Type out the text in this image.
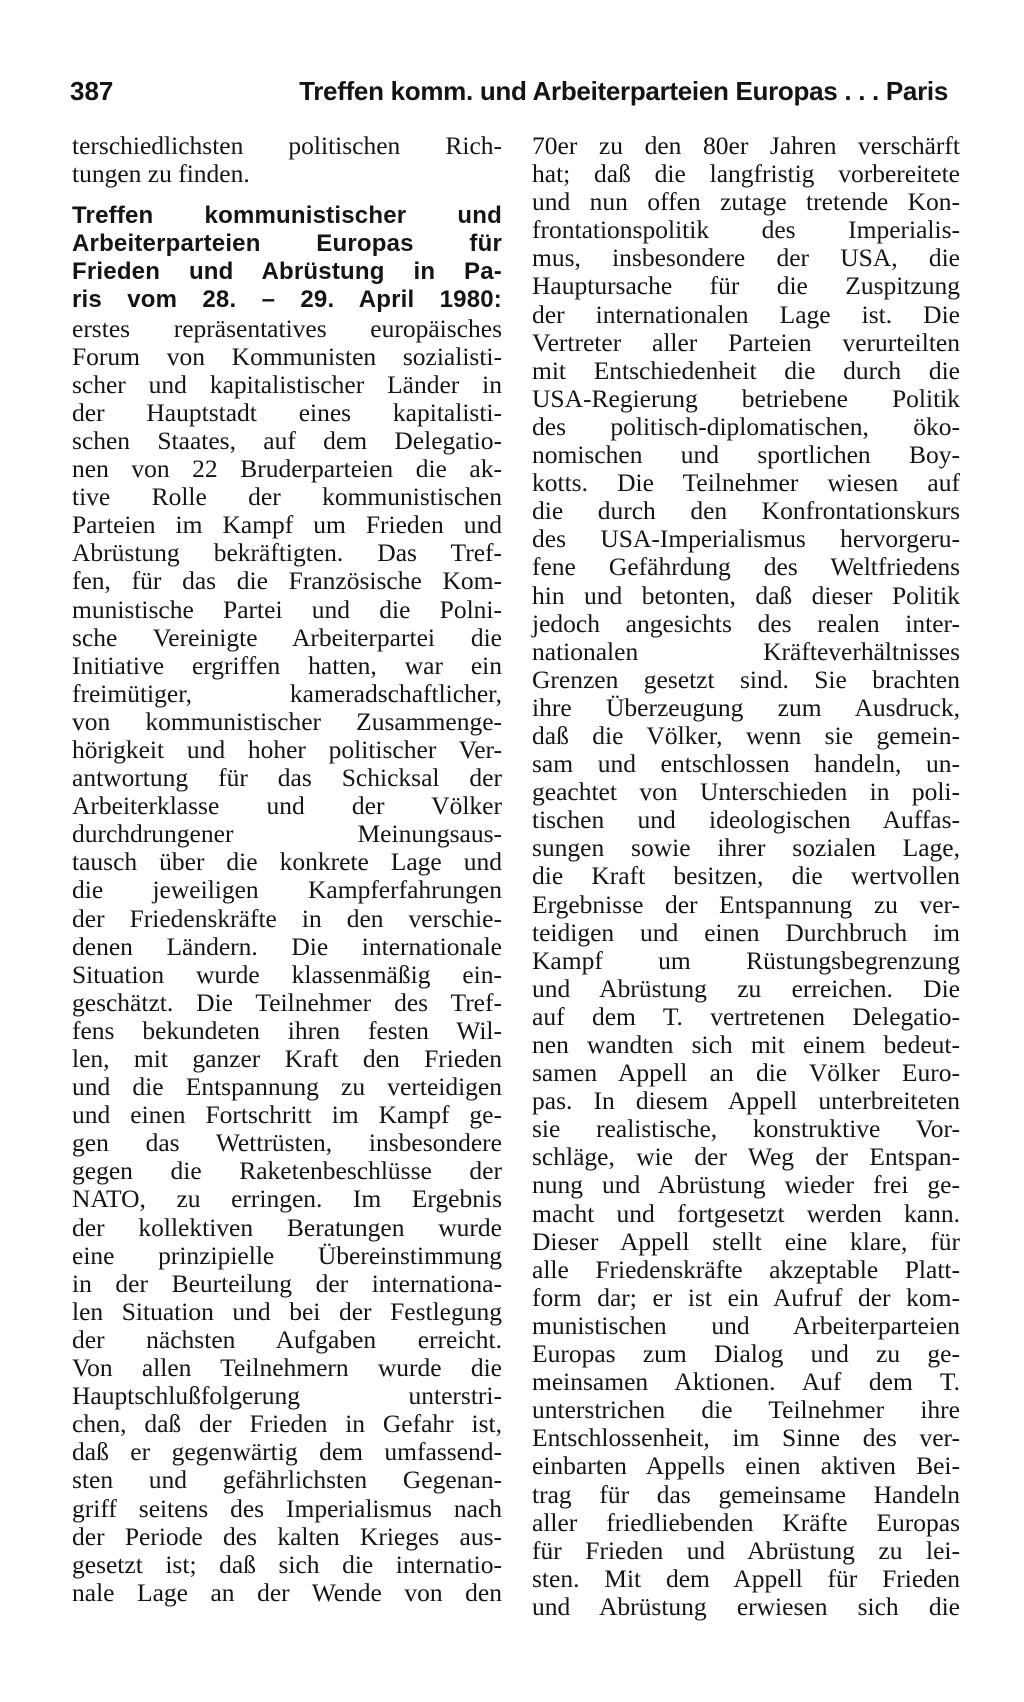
387	Treffen komm. und Arbeiterparteien Europas . . . Paris
terschiedlichsten politischen Rich-
tungen zu finden.
Treffen kommunistischer und
Arbeiterparteien Europas für
Frieden und Abrüstung in Pa-
ris vom 28. – 29. April 1980:
erstes repräsentatives europäisches
Forum von Kommunisten sozialisti-
scher und kapitalistischer Länder in
der Hauptstadt eines kapitalisti-
schen Staates, auf dem Delegatio-
nen von 22 Bruderparteien die ak-
tive Rolle der kommunistischen
Parteien im Kampf um Frieden und
Abrüstung bekräftigten. Das Tref-
fen, für das die Französische Kom-
munistische Partei und die Polni-
sche Vereinigte Arbeiterpartei die
Initiative ergriffen hatten, war ein
freimütiger, kameradschaftlicher,
von kommunistischer Zusammenge-
hörigkeit und hoher politischer Ver-
antwortung für das Schicksal der
Arbeiterklasse und der Völker
durchdrungener Meinungsaus-
tausch über die konkrete Lage und
die jeweiligen Kampferfahrungen
der Friedenskräfte in den verschie-
denen Ländern. Die internationale
Situation wurde klassenmäßig ein-
geschätzt. Die Teilnehmer des Tref-
fens bekundeten ihren festen Wil-
len, mit ganzer Kraft den Frieden
und die Entspannung zu verteidigen
und einen Fortschritt im Kampf ge-
gen das Wettrüsten, insbesondere
gegen die Raketenbeschlüsse der
NATO, zu erringen. Im Ergebnis
der kollektiven Beratungen wurde
eine prinzipielle Übereinstimmung
in der Beurteilung der internationa-
len Situation und bei der Festlegung
der nächsten Aufgaben erreicht.
Von allen Teilnehmern wurde die
Hauptschlußfolgerung unterstri-
chen, daß der Frieden in Gefahr ist,
daß er gegenwärtig dem umfassend-
sten und gefährlichsten Gegenan-
griff seitens des Imperialismus nach
der Periode des kalten Krieges aus-
gesetzt ist; daß sich die internatio-
nale Lage an der Wende von den
70er zu den 80er Jahren verschärft
hat; daß die langfristig vorbereitete
und nun offen zutage tretende Kon-
frontationspolitik des Imperialis-
mus, insbesondere der USA, die
Hauptursache für die Zuspitzung
der internationalen Lage ist. Die
Vertreter aller Parteien verurteilten
mit Entschiedenheit die durch die
USA-Regierung betriebene Politik
des politisch-diplomatischen, öko-
nomischen und sportlichen Boy-
kotts. Die Teilnehmer wiesen auf
die durch den Konfrontationskurs
des USA-Imperialismus hervorgeru-
fene Gefährdung des Weltfriedens
hin und betonten, daß dieser Politik
jedoch angesichts des realen inter-
nationalen Kräfteverhältnisses
Grenzen gesetzt sind. Sie brachten
ihre Überzeugung zum Ausdruck,
daß die Völker, wenn sie gemein-
sam und entschlossen handeln, un-
geachtet von Unterschieden in poli-
tischen und ideologischen Auffas-
sungen sowie ihrer sozialen Lage,
die Kraft besitzen, die wertvollen
Ergebnisse der Entspannung zu ver-
teidigen und einen Durchbruch im
Kampf um Rüstungsbegrenzung
und Abrüstung zu erreichen. Die
auf dem T. vertretenen Delegatio-
nen wandten sich mit einem bedeut-
samen Appell an die Völker Euro-
pas. In diesem Appell unterbreiteten
sie realistische, konstruktive Vor-
schläge, wie der Weg der Entspan-
nung und Abrüstung wieder frei ge-
macht und fortgesetzt werden kann.
Dieser Appell stellt eine klare, für
alle Friedenskräfte akzeptable Platt-
form dar; er ist ein Aufruf der kom-
munistischen und Arbeiterparteien
Europas zum Dialog und zu ge-
meinsamen Aktionen. Auf dem T.
unterstrichen die Teilnehmer ihre
Entschlossenheit, im Sinne des ver-
einbarten Appells einen aktiven Bei-
trag für das gemeinsame Handeln
aller friedliebenden Kräfte Europas
für Frieden und Abrüstung zu lei-
sten. Mit dem Appell für Frieden
und Abrüstung erwiesen sich die
